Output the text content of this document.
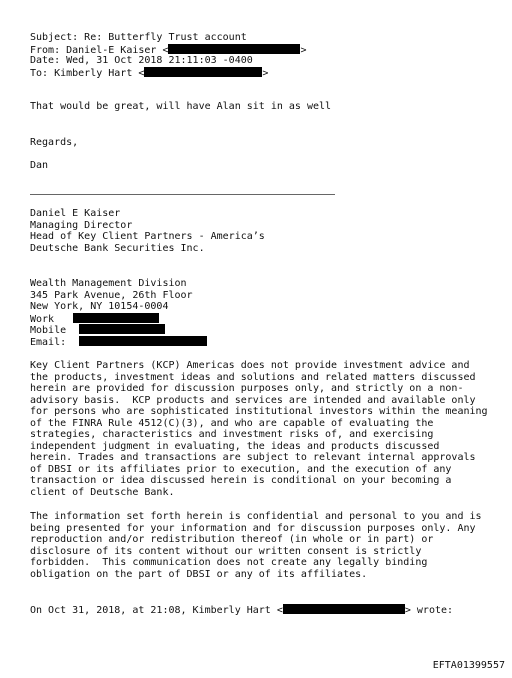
Subject: Re: Butterfly Trust account
From: Daniel-E Kaiser <	>
Date: Wed, 31 Oct 2018 21:11:03 -0400
To: Kimberly Hart <	>
That would be great, will have Alan sit in as well
Regards,
Dan
Daniel E Kaiser
Managing Director
Head of Key Client Partners - America’s
Deutsche Bank Securities Inc.
Wealth Management Division
345 Park Avenue, 26th Floor
New York, NY 10154-0004
Work
Mobile
Email:
Key Client Partners (KCP) Americas does not provide investment advice and
the products, investment ideas and solutions and related matters discussed
herein are provided for discussion purposes only, and strictly on a non-
advisory basis.  KCP products and services are intended and available only
for persons who are sophisticated institutional investors within the meaning
of the FINRA Rule 4512(C)(3), and who are capable of evaluating the
strategies, characteristics and investment risks of, and exercising
independent judgment in evaluating, the ideas and products discussed
herein. Trades and transactions are subject to relevant internal approvals
of DBSI or its affiliates prior to execution, and the execution of any
transaction or idea discussed herein is conditional on your becoming a
client of Deutsche Bank.
The information set forth herein is confidential and personal to you and is
being presented for your information and for discussion purposes only. Any
reproduction and/or redistribution thereof (in whole or in part) or
disclosure of its content without our written consent is strictly
forbidden.  This communication does not create any legally binding
obligation on the part of DBSI or any of its affiliates.
On Oct 31, 2018, at 21:08, Kimberly Hart <	> wrote:
EFTA01399557
